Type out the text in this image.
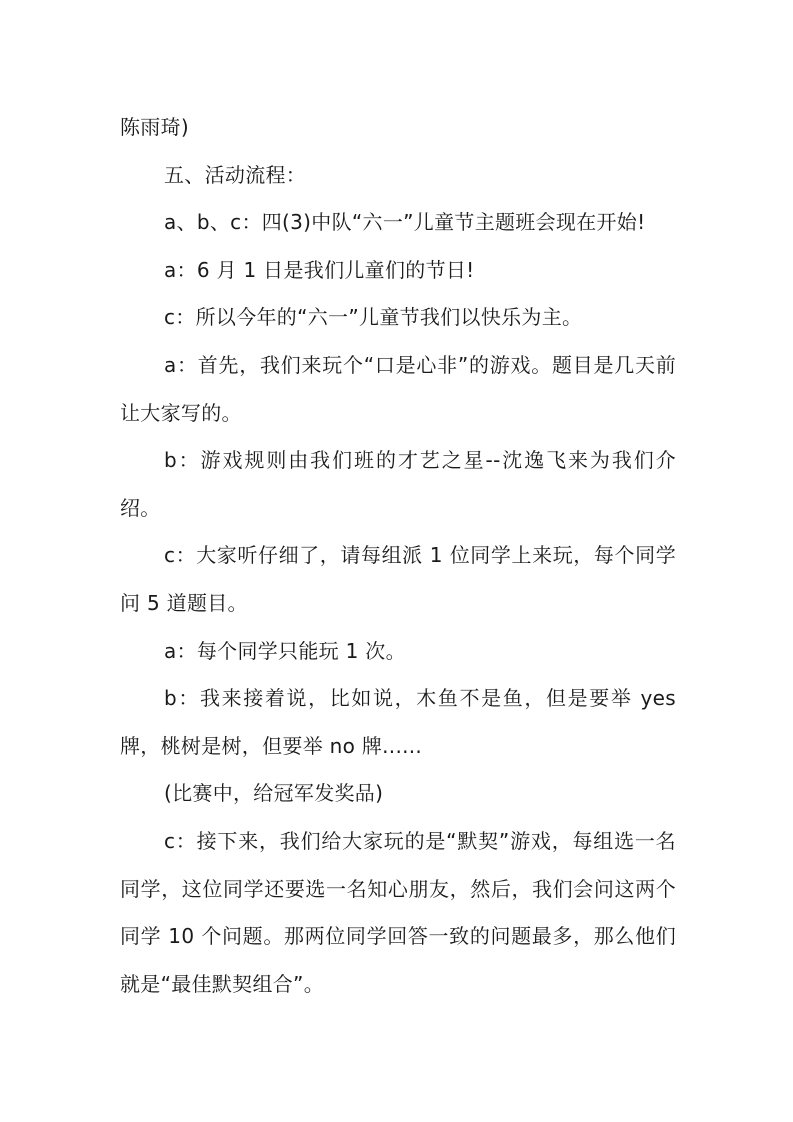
陈雨琦)

五、活动流程：

a、b、c：四(3)中队“六一”儿童节主题班会现在开始!

a：6 月 1 日是我们儿童们的节日!

c：所以今年的“六一”儿童节我们以快乐为主。

a：首先，我们来玩个“口是心非”的游戏。题目是几天前让大家写的。

b：游戏规则由我们班的才艺之星--沈逸飞来为我们介绍。

c：大家听仔细了，请每组派 1 位同学上来玩，每个同学问 5 道题目。

a：每个同学只能玩 1 次。

b：我来接着说，比如说，木鱼不是鱼，但是要举 yes 牌，桃树是树，但要举 no 牌......

(比赛中，给冠军发奖品)

c：接下来，我们给大家玩的是“默契”游戏，每组选一名同学，这位同学还要选一名知心朋友，然后，我们会问这两个同学 10 个问题。那两位同学回答一致的问题最多，那么他们就是“最佳默契组合”。
